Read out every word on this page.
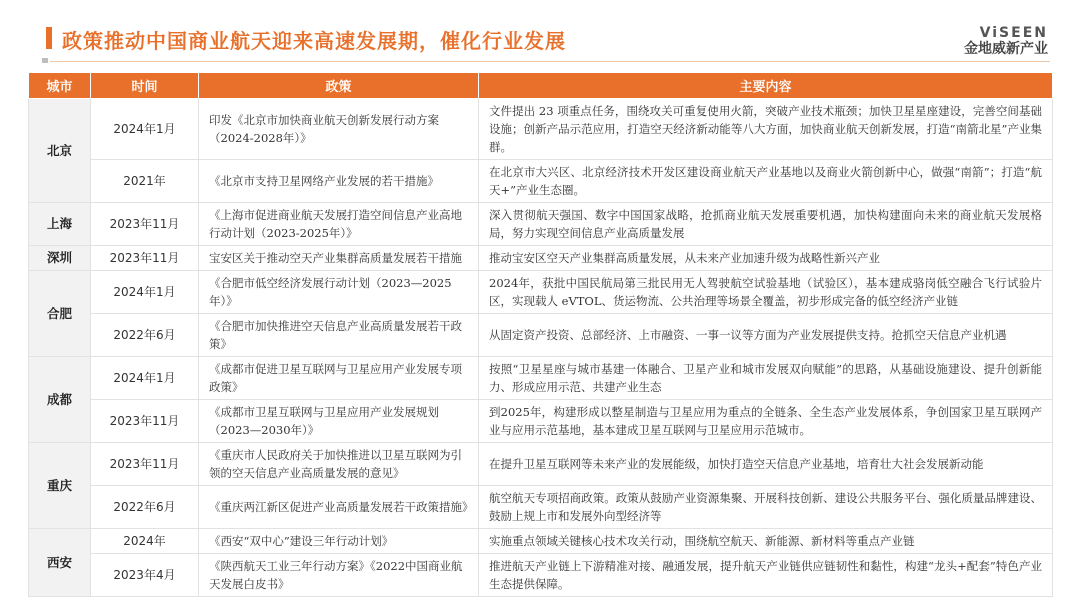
政策推动中国商业航天迎来高速发展期，催化行业发展	ViSEEN
金地威新产业
城市	时间	政策	主要内容
北京	2024年1月	印发《北京市加快商业航天创新发展行动方案（2024-2028年）》	文件提出 23 项重点任务，围绕攻关可重复使用火箭，突破产业技术瓶颈；加快卫星星座建设，完善空间基础设施；创新产品示范应用，打造空天经济新动能等八大方面，加快商业航天创新发展，打造“南箭北星”产业集群。
	2021年	《北京市支持卫星网络产业发展的若干措施》	在北京市大兴区、北京经济技术开发区建设商业航天产业基地以及商业火箭创新中心，做强“南箭”；打造“航天+”产业生态圈。
上海	2023年11月	《上海市促进商业航天发展打造空间信息产业高地行动计划（2023-2025年）》	深入贯彻航天强国、数字中国国家战略，抢抓商业航天发展重要机遇，加快构建面向未来的商业航天发展格局，努力实现空间信息产业高质量发展
深圳	2023年11月	宝安区关于推动空天产业集群高质量发展若干措施	推动宝安区空天产业集群高质量发展，从未来产业加速升级为战略性新兴产业
合肥	2024年1月	《合肥市低空经济发展行动计划（2023—2025年）》	2024年，获批中国民航局第三批民用无人驾驶航空试验基地（试验区），基本建成骆岗低空融合飞行试验片区，实现载人 eVTOL、货运物流、公共治理等场景全覆盖，初步形成完备的低空经济产业链
	2022年6月	《合肥市加快推进空天信息产业高质量发展若干政策》	从固定资产投资、总部经济、上市融资、一事一议等方面为产业发展提供支持。抢抓空天信息产业机遇
成都	2024年1月	《成都市促进卫星互联网与卫星应用产业发展专项政策》	按照“卫星星座与城市基建一体融合、卫星产业和城市发展双向赋能”的思路，从基础设施建设、提升创新能力、形成应用示范、共建产业生态
	2023年11月	《成都市卫星互联网与卫星应用产业发展规划（2023—2030年）》	到2025年，构建形成以整星制造与卫星应用为重点的全链条、全生态产业发展体系，争创国家卫星互联网产业与应用示范基地，基本建成卫星互联网与卫星应用示范城市。
重庆	2023年11月	《重庆市人民政府关于加快推进以卫星互联网为引领的空天信息产业高质量发展的意见》	在提升卫星互联网等未来产业的发展能级，加快打造空天信息产业基地，培育壮大社会发展新动能
	2022年6月	《重庆两江新区促进产业高质量发展若干政策措施》	航空航天专项招商政策。政策从鼓励产业资源集聚、开展科技创新、建设公共服务平台、强化质量品牌建设、鼓励上规上市和发展外向型经济等
西安	2024年	《西安“双中心”建设三年行动计划》	实施重点领域关键核心技术攻关行动，围绕航空航天、新能源、新材料等重点产业链
	2023年4月	《陕西航天工业三年行动方案》《2022中国商业航天发展白皮书》	推进航天产业链上下游精准对接、融通发展，提升航天产业链供应链韧性和黏性，构建“龙头+配套”特色产业生态提供保障。
